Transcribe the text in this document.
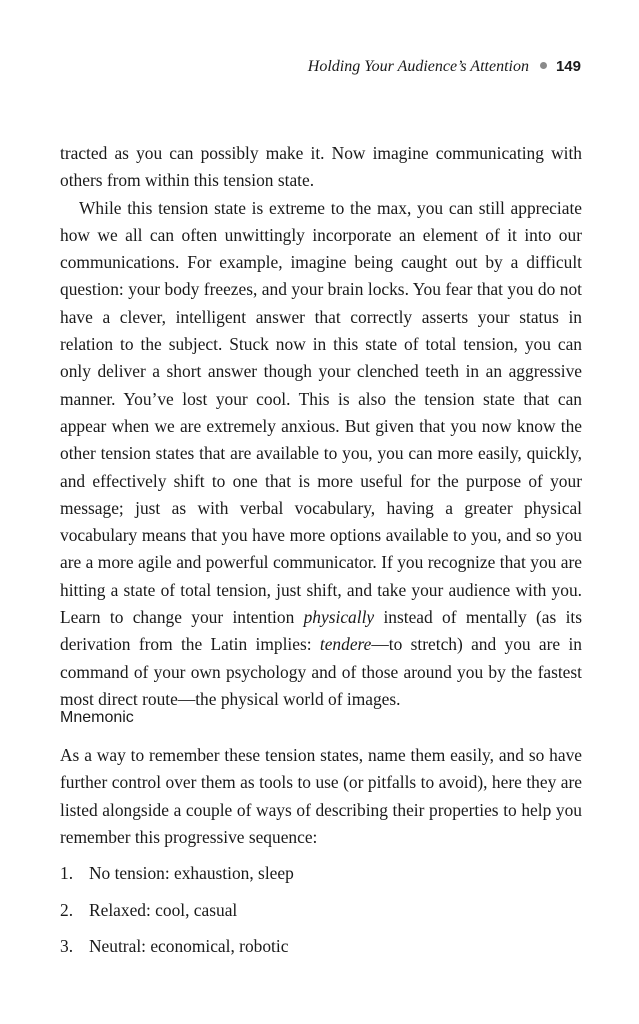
Holding Your Audience’s Attention 149

tracted as you can possibly make it. Now imagine communicating with others from within this tension state.

While this tension state is extreme to the max, you can still appreciate how we all can often unwittingly incorporate an element of it into our communications. For example, imagine being caught out by a difficult question: your body freezes, and your brain locks. You fear that you do not have a clever, intelligent answer that correctly asserts your status in relation to the subject. Stuck now in this state of total tension, you can only deliver a short answer though your clenched teeth in an aggressive manner. You’ve lost your cool. This is also the tension state that can appear when we are extremely anxious. But given that you now know the other tension states that are available to you, you can more easily, quickly, and effectively shift to one that is more useful for the purpose of your message; just as with verbal vocabulary, having a greater physical vocabulary means that you have more options available to you, and so you are a more agile and powerful communicator. If you recognize that you are hitting a state of total tension, just shift, and take your audience with you. Learn to change your intention physically instead of mentally (as its derivation from the Latin implies: tendere—to stretch) and you are in command of your own psychology and of those around you by the fastest most direct route—the physical world of images.

Mnemonic

As a way to remember these tension states, name them easily, and so have further control over them as tools to use (or pitfalls to avoid), here they are listed alongside a couple of ways of describing their properties to help you remember this progressive sequence:

1. No tension: exhaustion, sleep
2. Relaxed: cool, casual
3. Neutral: economical, robotic
